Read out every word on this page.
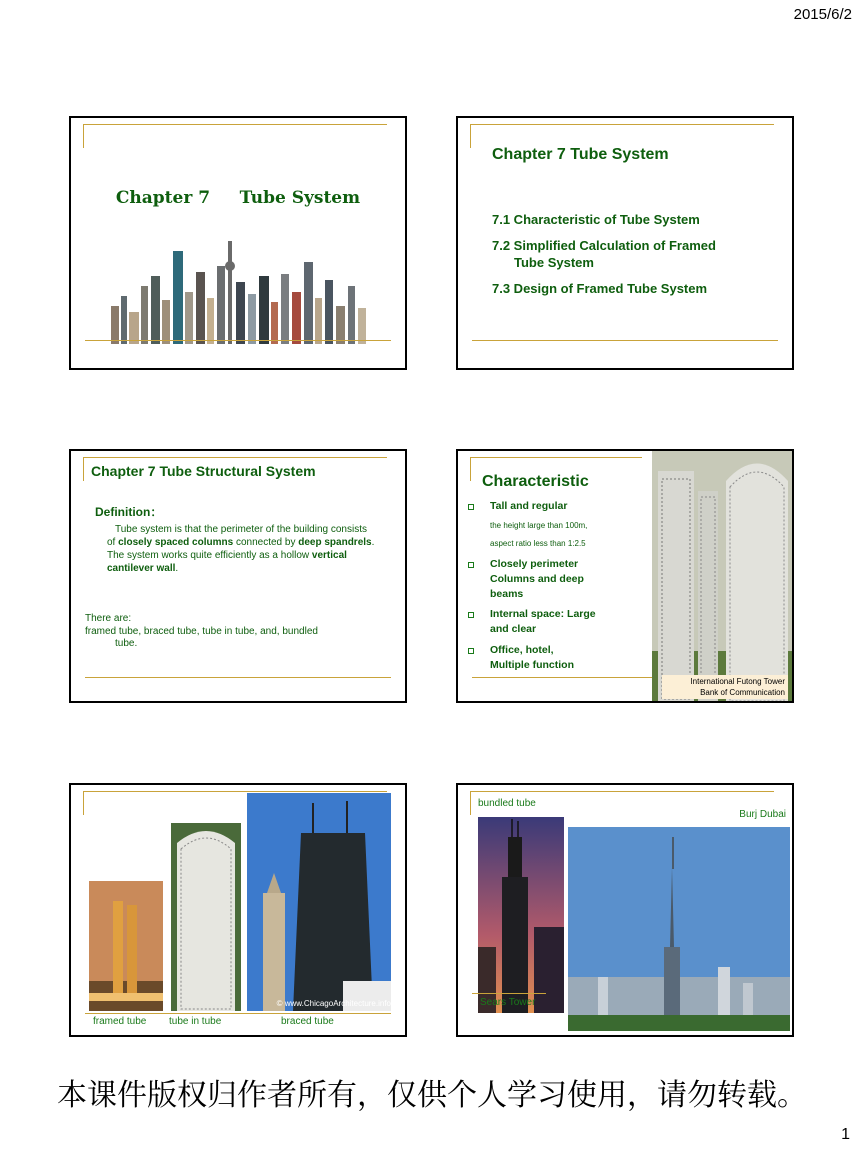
2015/6/2
Chapter 7     Tube System
Chapter 7 Tube System
7.1 Characteristic of Tube System
7.2 Simplified Calculation of Framed
Tube System
7.3 Design of Framed Tube System
Chapter 7 Tube Structural System
Definition：
Tube system is that the perimeter of the building consists of closely spaced columns connected by deep spandrels. The system works quite efficiently as a hollow vertical cantilever wall.
There are:
framed tube, braced tube, tube in tube, and, bundled
tube.
Characteristic
Tall and regular
the height large than 100m,
aspect ratio less than 1:2.5
Closely perimeter
Columns and deep
beams
Internal space: Large
and clear
Office, hotel,
Multiple function
International Futong Tower
Bank of Communication
© www.ChicagoArchitecture.info
framed tube tube in tube	braced tube
bundled tube
Burj Dubai
Sears Tower
本课件版权归作者所有，仅供个人学习使用，请勿转载。
1
